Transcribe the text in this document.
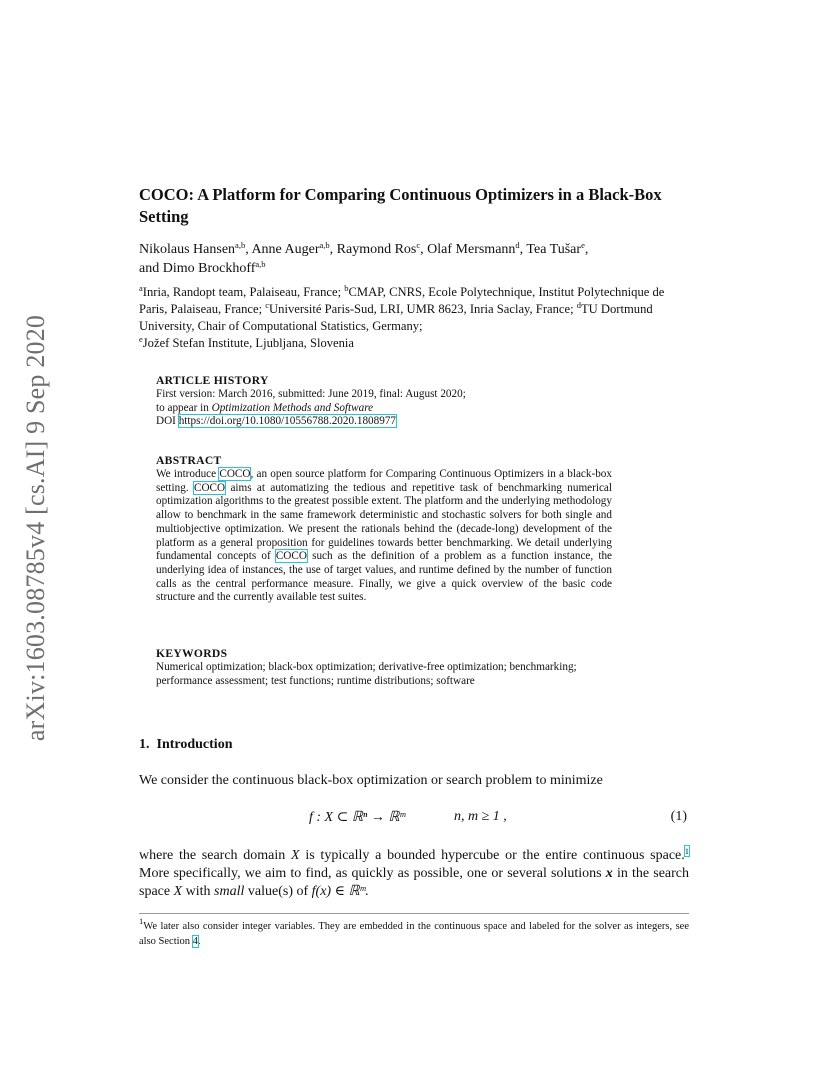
arXiv:1603.08785v4 [cs.AI] 9 Sep 2020
COCO: A Platform for Comparing Continuous Optimizers in a Black-Box Setting

Nikolaus Hansen$^{a,b}$, Anne Auger$^{a,b}$, Raymond Ros$^c$, Olaf Mersmann$^d$, Tea Tušar$^e$,
and Dimo Brockhoff$^{a,b}$

$^a$Inria, Randopt team, Palaiseau, France; $^b$CMAP, CNRS, Ecole Polytechnique, Institut Polytechnique de Paris, Palaiseau, France; $^c$Université Paris-Sud, LRI, UMR 8623, Inria Saclay, France; $^d$TU Dortmund University, Chair of Computational Statistics, Germany;
$^e$Jožef Stefan Institute, Ljubljana, Slovenia

ARTICLE HISTORY

First version: March 2016, submitted: June 2019, final: August 2020;

to appear in Optimization Methods and Software

DOI https://doi.org/10.1080/10556788.2020.1808977

ABSTRACT

We introduce COCO, an open source platform for Comparing Continuous Optimizers in a black-box setting. COCO aims at automatizing the tedious and repetitive task of benchmarking numerical optimization algorithms to the greatest possible extent. The platform and the underlying methodology allow to benchmark in the same framework deterministic and stochastic solvers for both single and multiobjective optimization. We present the rationals behind the (decade-long) development of the platform as a general proposition for guidelines towards better benchmarking. We detail underlying fundamental concepts of COCO such as the definition of a problem as a function instance, the underlying idea of instances, the use of target values, and runtime defined by the number of function calls as the central performance measure. Finally, we give a quick overview of the basic code structure and the currently available test suites.

KEYWORDS

Numerical optimization; black-box optimization; derivative-free optimization; benchmarking; performance assessment; test functions; runtime distributions; software

1. Introduction

We consider the continuous black-box optimization or search problem to minimize

f : X ⊂ ℝⁿ → ℝᵐ	n, m ≥ 1 ,	(1)

where the search domain X is typically a bounded hypercube or the entire continuous space.$^1$ More specifically, we aim to find, as quickly as possible, one or several solutions x in the search space X with small value(s) of f(x) ∈ ℝᵐ.

$^1$We later also consider integer variables. They are embedded in the continuous space and labeled for the solver as integers, see also Section 4.
